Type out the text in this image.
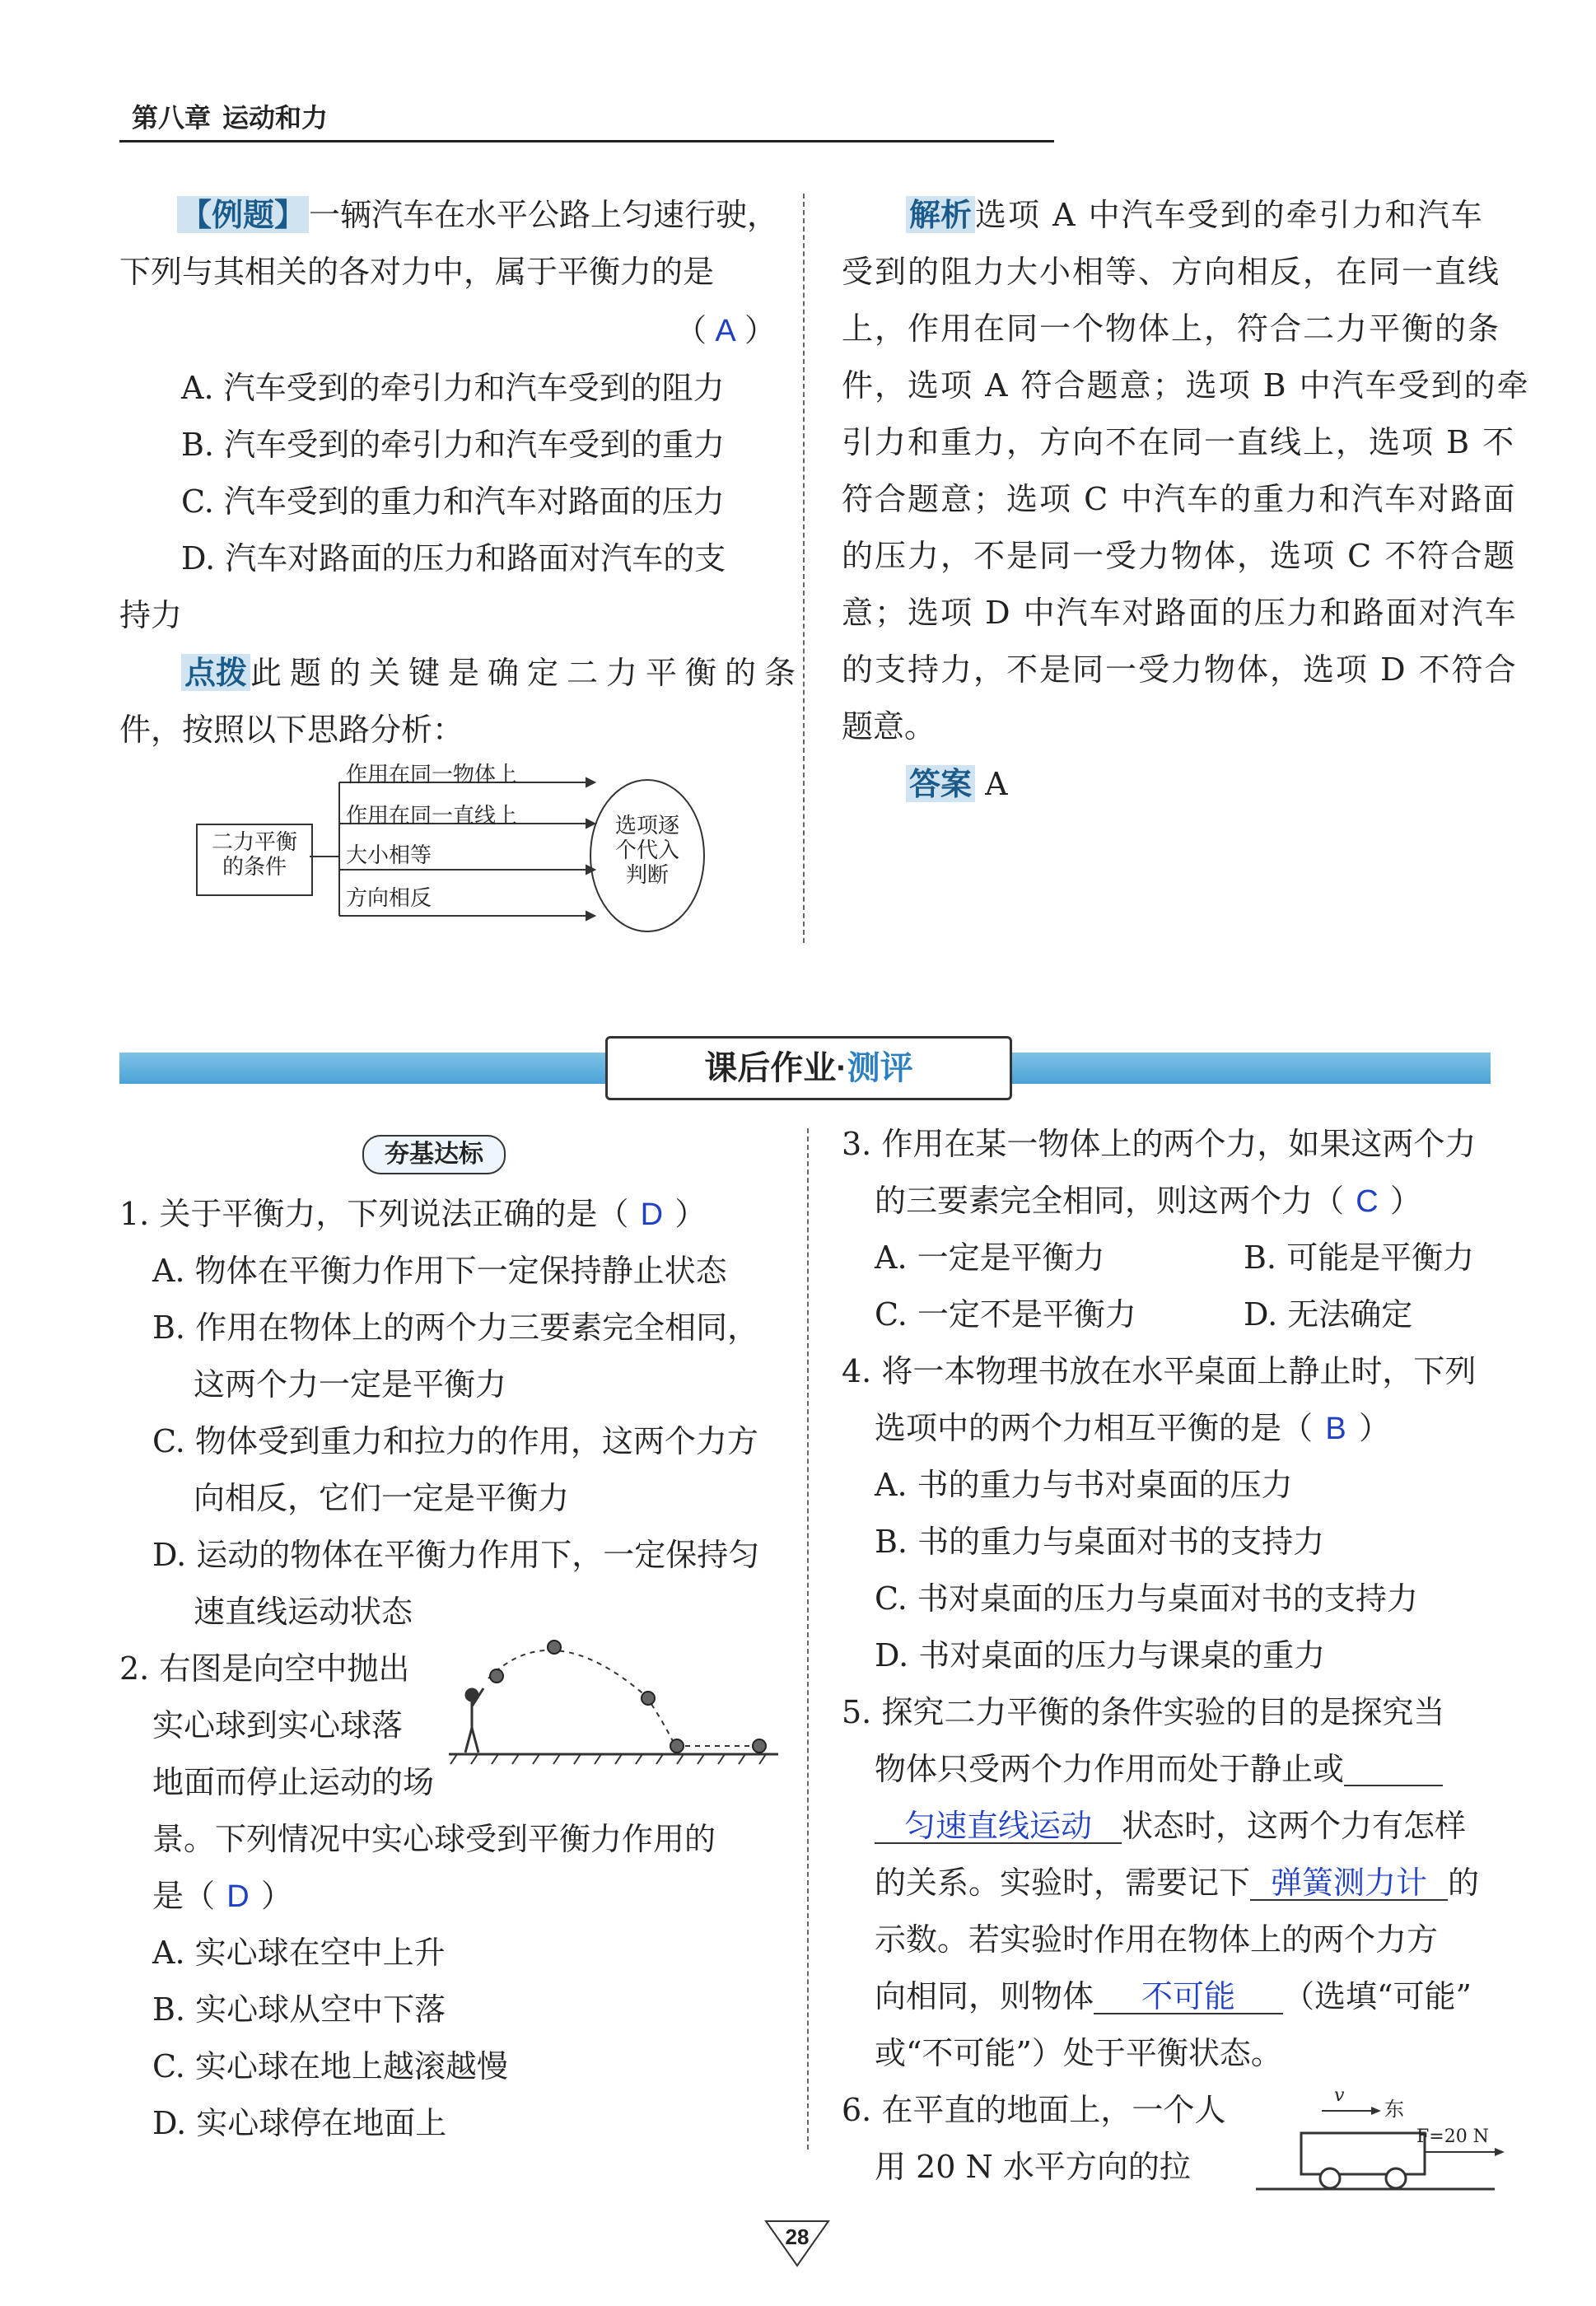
第八章 运动和力
【例题】 一辆汽车在水平公路上匀速行驶，
下列与其相关的各对力中，属于平衡力的是
（ A ）
A. 汽车受到的牵引力和汽车受到的阻力
B. 汽车受到的牵引力和汽车受到的重力
C. 汽车受到的重力和汽车对路面的压力
D. 汽车对路面的压力和路面对汽车的支
持力
点拨 此题的关键是确定二力平衡的条
件，按照以下思路分析：
二力平衡
的条件
作用在同一物体上
作用在同一直线上
大小相等
方向相反
选项逐
个代入
判断
解析 选项 A 中汽车受到的牵引力和汽车
受到的阻力大小相等、方向相反，在同一直线
上，作用在同一个物体上，符合二力平衡的条
件，选项 A 符合题意；选项 B 中汽车受到的牵
引力和重力，方向不在同一直线上，选项 B 不
符合题意；选项 C 中汽车的重力和汽车对路面
的压力，不是同一受力物体，选项 C 不符合题
意；选项 D 中汽车对路面的压力和路面对汽车
的支持力，不是同一受力物体，选项 D 不符合
题意。
答案 A
课后作业·测评
夯基达标
1. 关于平衡力，下列说法正确的是（ D ）
A. 物体在平衡力作用下一定保持静止状态
B. 作用在物体上的两个力三要素完全相同，
这两个力一定是平衡力
C. 物体受到重力和拉力的作用，这两个力方
向相反，它们一定是平衡力
D. 运动的物体在平衡力作用下，一定保持匀
速直线运动状态
2. 右图是向空中抛出
实心球到实心球落
地面而停止运动的场
景。下列情况中实心球受到平衡力作用的
是（ D ）
A. 实心球在空中上升
B. 实心球从空中下落
C. 实心球在地上越滚越慢
D. 实心球停在地面上
3. 作用在某一物体上的两个力，如果这两个力
的三要素完全相同，则这两个力（ C ）
A. 一定是平衡力	B. 可能是平衡力
C. 一定不是平衡力	D. 无法确定
4. 将一本物理书放在水平桌面上静止时，下列
选项中的两个力相互平衡的是（ B ）
A. 书的重力与书对桌面的压力
B. 书的重力与桌面对书的支持力
C. 书对桌面的压力与桌面对书的支持力
D. 书对桌面的压力与课桌的重力
5. 探究二力平衡的条件实验的目的是探究当
物体只受两个力作用而处于静止或
匀速直线运动 状态时，这两个力有怎样
的关系。实验时，需要记下 弹簧测力计 的
示数。若实验时作用在物体上的两个力方
向相同，则物体 不可能 （选填“可能”
或“不可能”）处于平衡状态。
6. 在平直的地面上，一个人
用 20 N 水平方向的拉
v
东
F=20 N
28
